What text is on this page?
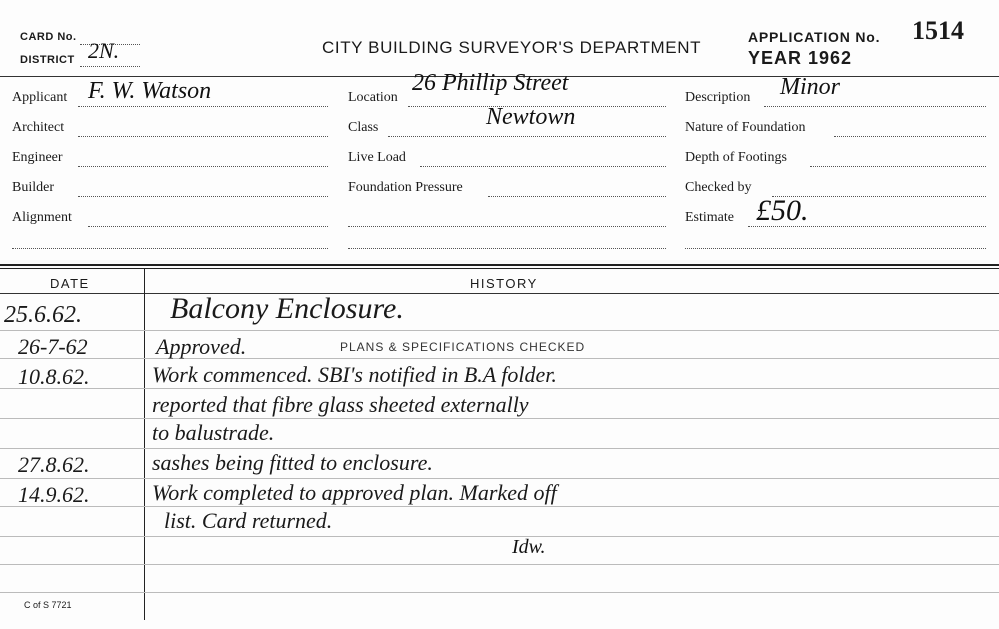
CARD No.
DISTRICT 2N.	CITY BUILDING SURVEYOR'S DEPARTMENT
APPLICATION No. 1514
YEAR 1962
Applicant F. W. Watson
Architect
Engineer
Builder
Alignment
Location
26 Phillip Street
Class	Newtown
Live Load
Foundation Pressure
Description Minor
Nature of Foundation
Depth of Footings
Checked by
Estimate £50.
DATE	HISTORY
25.6.62.	Balcony Enclosure.
26-7-62	Approved.	PLANS & SPECIFICATIONS CHECKED
10.8.62.	Work commenced. SBI's notified in B.A folder.
reported that fibre glass sheeted externally
to balustrade.
27.8.62.	sashes being fitted to enclosure.
14.9.62.	Work completed to approved plan. Marked off
list. Card returned.
Idw.
C of S 7721
